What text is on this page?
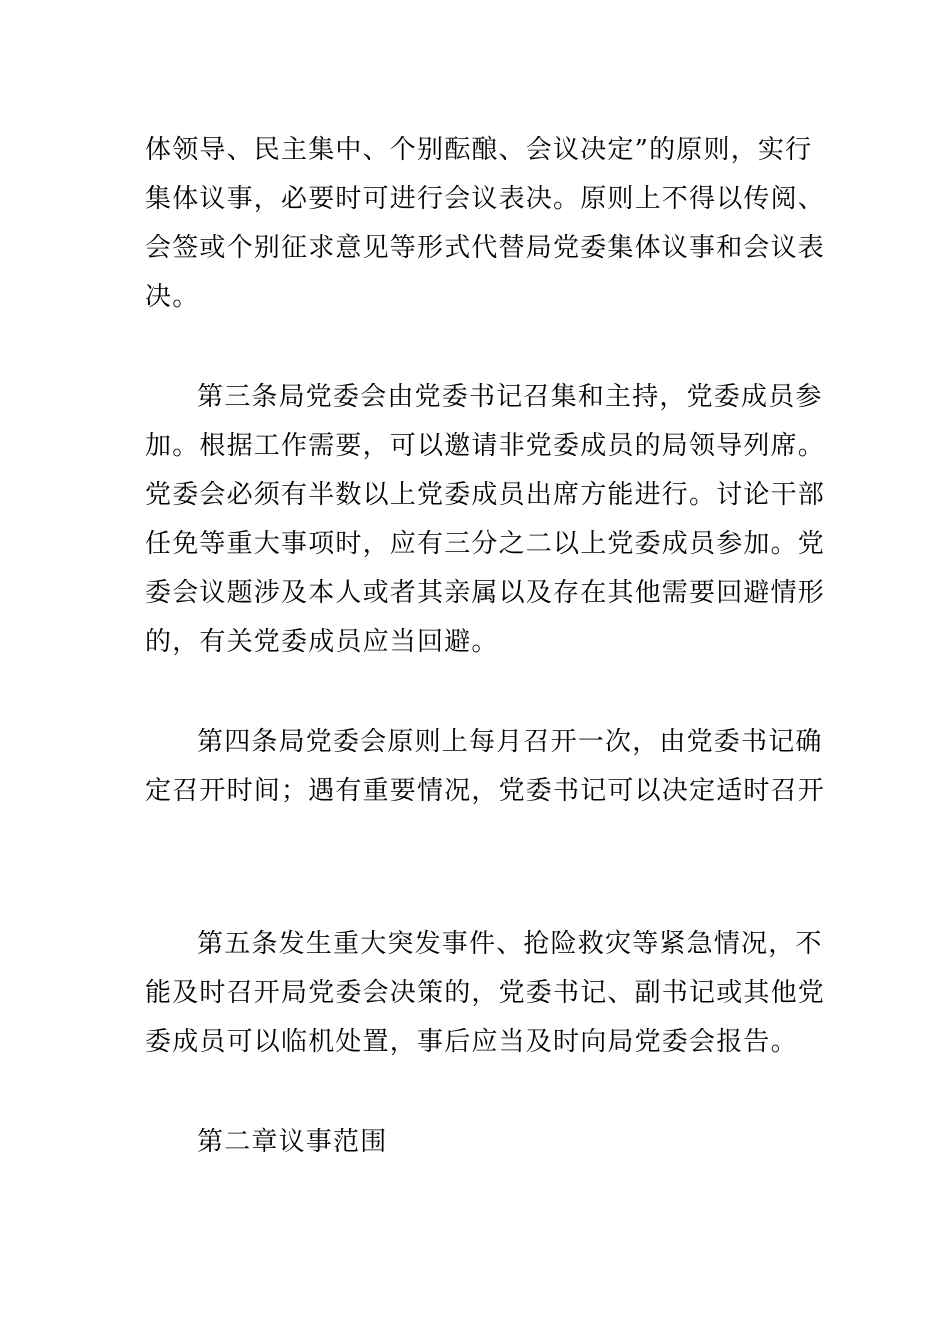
体领导、民主集中、个别酝酿、会议决定”的原则，实行
集体议事，必要时可进行会议表决。原则上不得以传阅、
会签或个别征求意见等形式代替局党委集体议事和会议表
决。
第三条局党委会由党委书记召集和主持，党委成员参
加。根据工作需要，可以邀请非党委成员的局领导列席。
党委会必须有半数以上党委成员出席方能进行。讨论干部
任免等重大事项时，应有三分之二以上党委成员参加。党
委会议题涉及本人或者其亲属以及存在其他需要回避情形
的，有关党委成员应当回避。
第四条局党委会原则上每月召开一次，由党委书记确
定召开时间；遇有重要情况，党委书记可以决定适时召开
第五条发生重大突发事件、抢险救灾等紧急情况，不
能及时召开局党委会决策的，党委书记、副书记或其他党
委成员可以临机处置，事后应当及时向局党委会报告。
第二章议事范围
